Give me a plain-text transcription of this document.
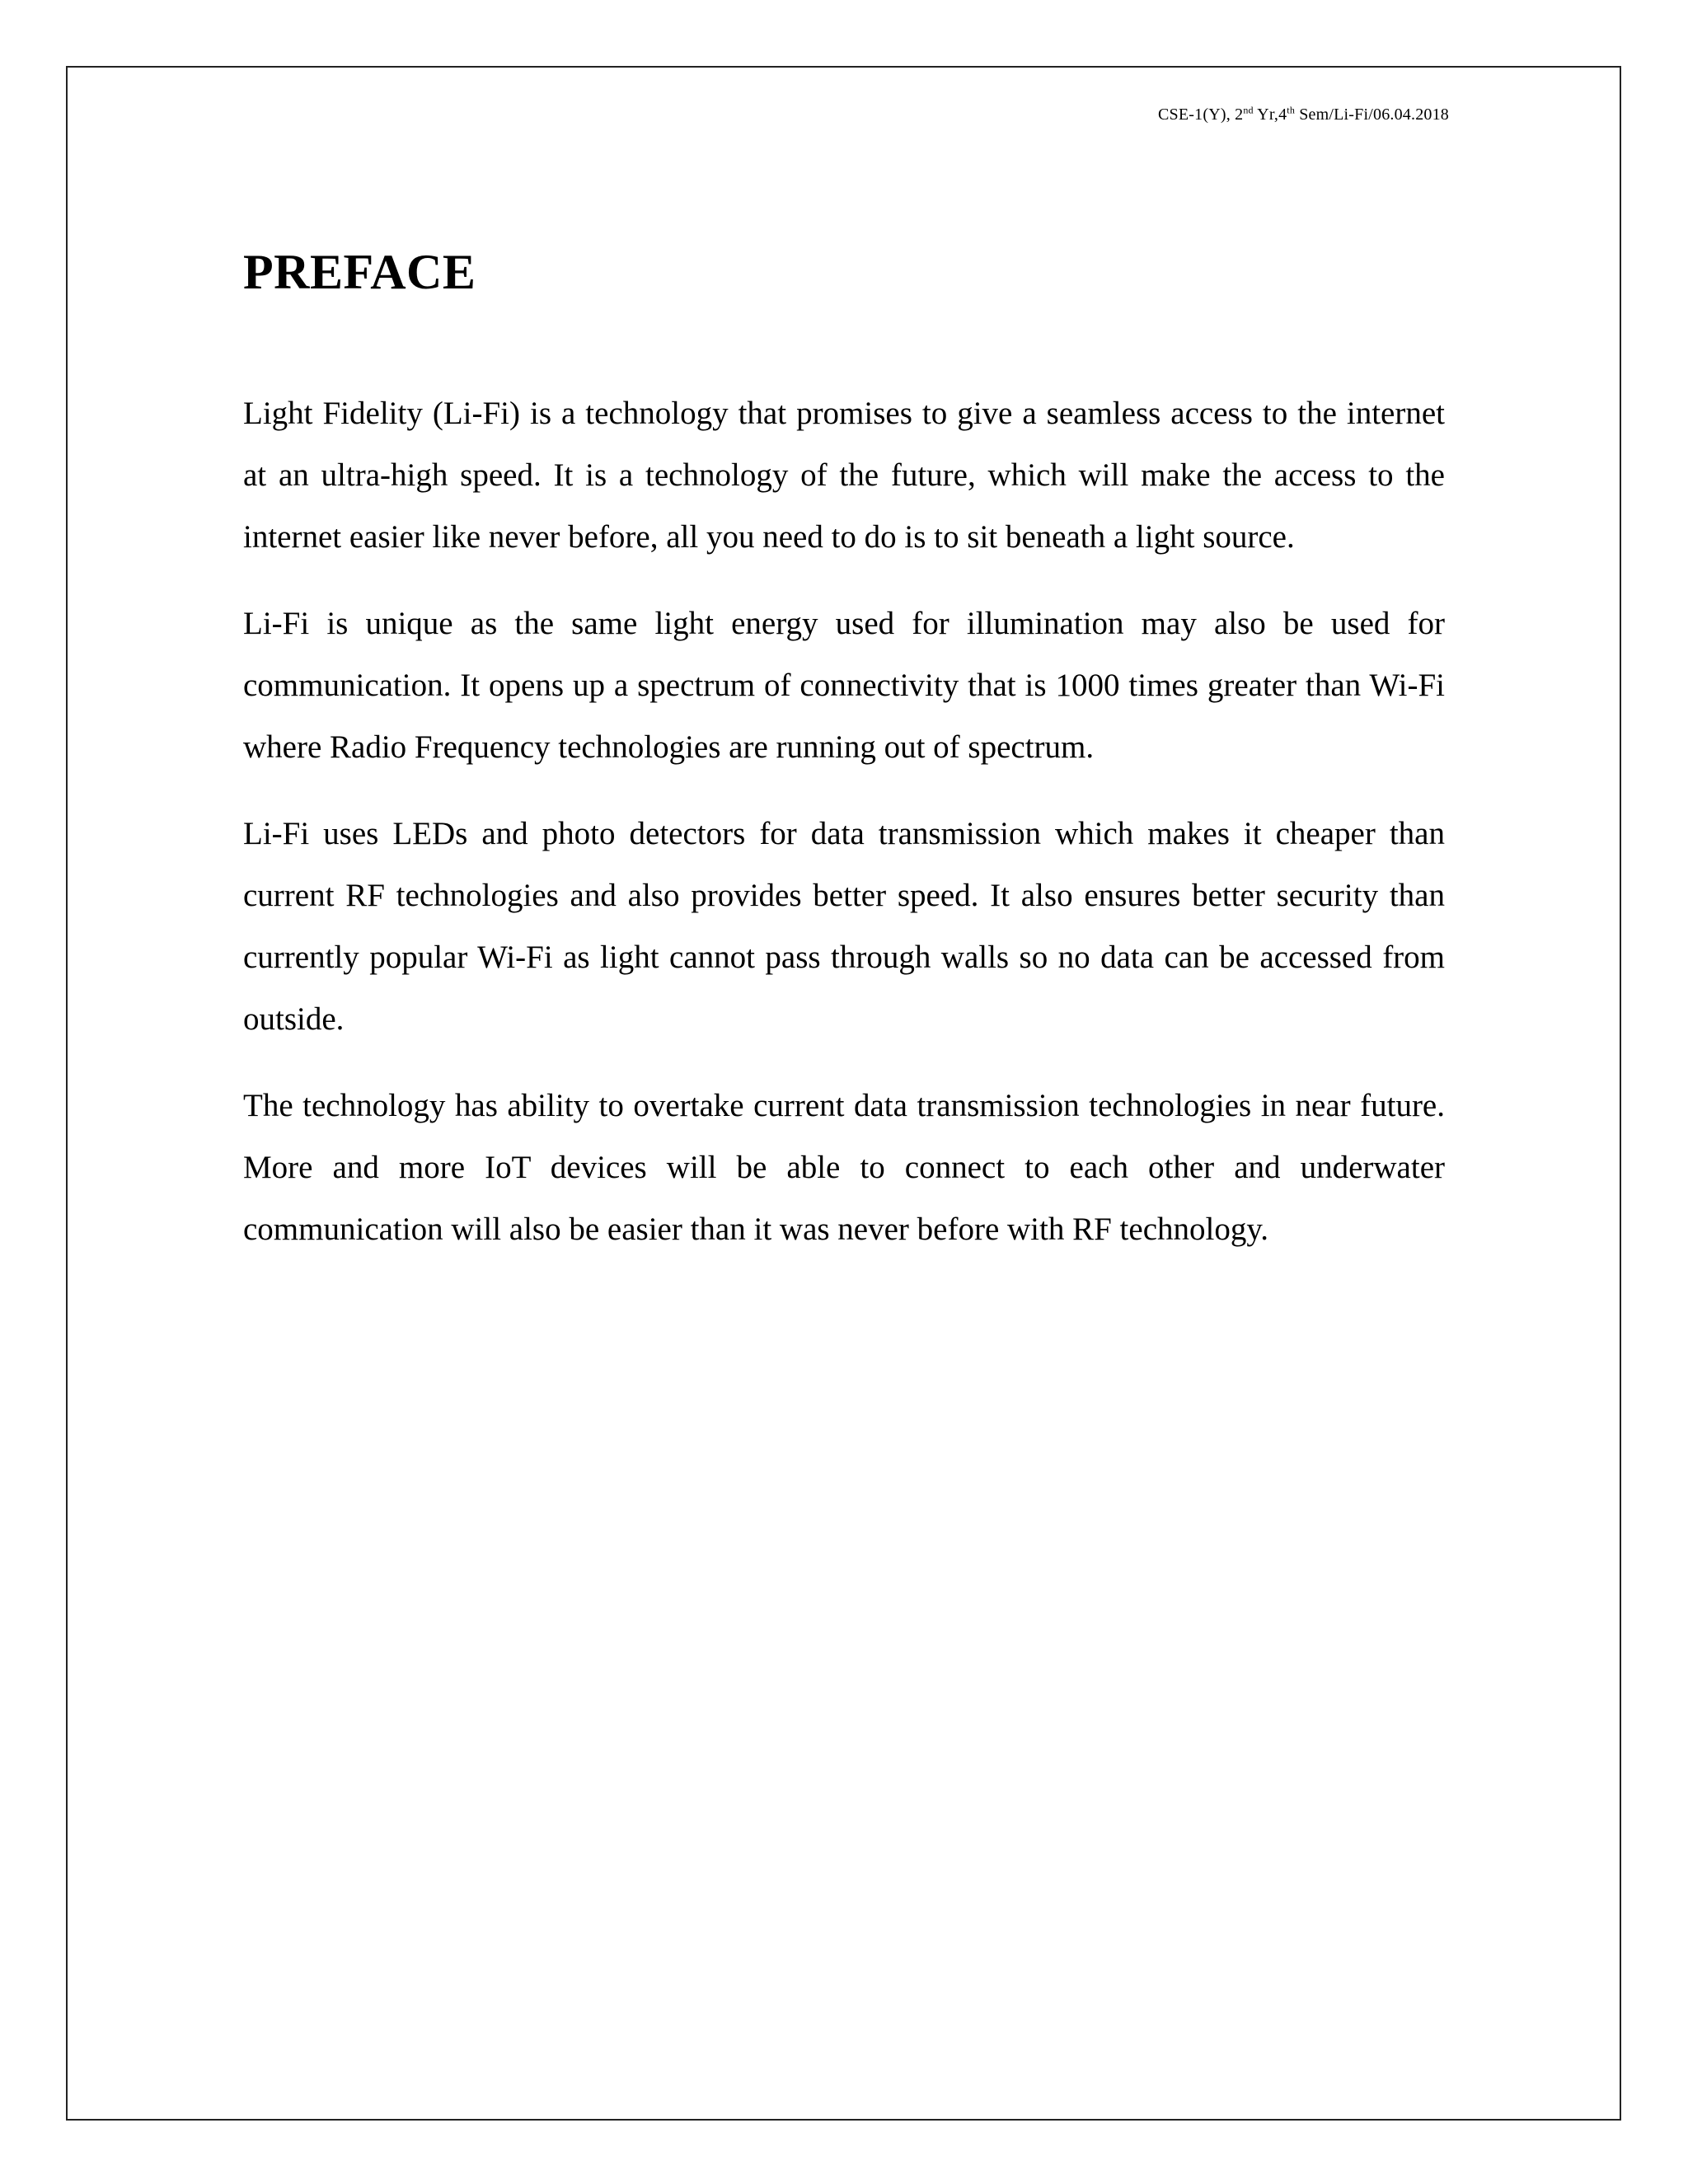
CSE-1(Y), 2nd Yr,4th Sem/Li-Fi/06.04.2018
PREFACE

Light Fidelity (Li-Fi) is a technology that promises to give a seamless access to the internet at an ultra-high speed. It is a technology of the future, which will make the access to the internet easier like never before, all you need to do is to sit beneath a light source.

Li-Fi is unique as the same light energy used for illumination may also be used for communication. It opens up a spectrum of connectivity that is 1000 times greater than Wi-Fi where Radio Frequency technologies are running out of spectrum.

Li-Fi uses LEDs and photo detectors for data transmission which makes it cheaper than current RF technologies and also provides better speed. It also ensures better security than currently popular Wi-Fi as light cannot pass through walls so no data can be accessed from outside.

The technology has ability to overtake current data transmission technologies in near future. More and more IoT devices will be able to connect to each other and underwater communication will also be easier than it was never before with RF technology.
